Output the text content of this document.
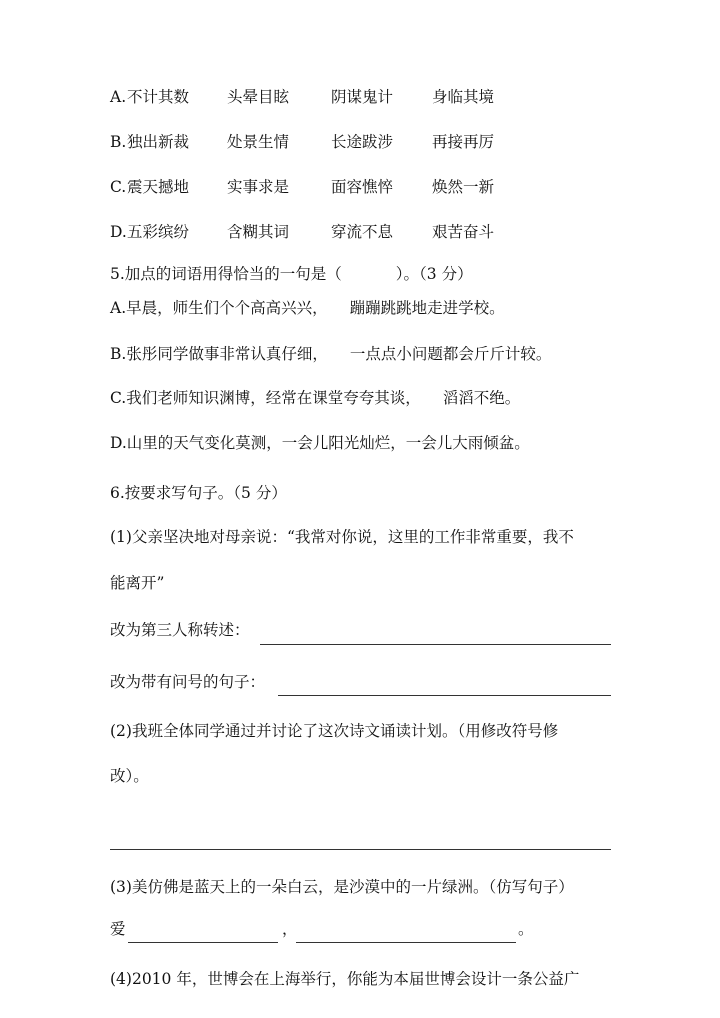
A. 不计其数 头晕目眩	阴谋鬼计	身临其境
B. 独出新裁 处景生情	长途跋涉	再接再厉
C. 震天撼地 实事求是	面容憔悴	焕然一新
D. 五彩缤纷 含糊其词	穿流不息	艰苦奋斗
5.加点的词语用得恰当的一句是（	）。（3 分）
A.早晨，师生们个个高高兴兴， 蹦蹦跳跳地走进学校。
B.张彤同学做事非常认真仔细， 一点点小问题都会斤斤计较。
C.我们老师知识渊博，经常在课堂夸夸其谈， 滔滔不绝。
D.山里的天气变化莫测，一会儿阳光灿烂，一会儿大雨倾盆。
6.按要求写句子。（5 分）
(1)父亲坚决地对母亲说：“我常对你说，这里的工作非常重要，我不
能离开”
改为第三人称转述：
改为带有问号的句子：
(2)我班全体同学通过并讨论了这次诗文诵读计划。（用修改符号修
改）。
(3)美仿佛是蓝天上的一朵白云，是沙漠中的一片绿洲。（仿写句子）
爱	，	。
(4)2010 年，世博会在上海举行，你能为本届世博会设计一条公益广
